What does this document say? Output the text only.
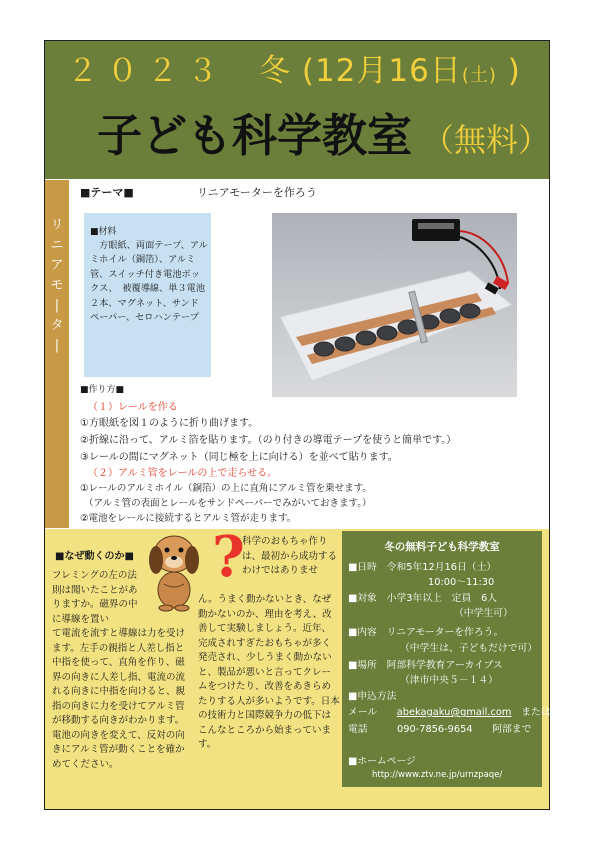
２０２３　 冬 (12月16日(土) )
子ども科学教室 （無料）
リ
ニ
ア
モ
|
タ
|
■テーマ■	リニアモーターを作ろう
■材料
　方眼紙、両面テープ、アルミホイル（銅箔）、アルミ管、スイッチ付き電池ボックス、　被覆導線、単３電池２本、マグネット、サンドペーパー、セロハンテープ
■作り方■
（１）レールを作る
①方眼紙を図１のように折り曲げます。
②折線に沿って、アルミ箔を貼ります。（のり付きの導電テープを使うと簡単です。）
③レールの間にマグネット（同じ極を上に向ける）を並べて貼ります。
（２）アルミ管をレールの上で走らせる。
①レールのアルミホイル（銅箔）の上に直角にアルミ管を乗せます。
（アルミ管の表面とレールをサンドペーパーでみがいておきます。）
②電池をレールに接続するとアルミ管が走ります。
■なぜ動くのか■
フレミングの左の法則は聞いたことがありますか。磁界の中に導線を置い
て電流を流すと導線は力を受けます。左手の親指と人差し指と中指を使って、直角を作り、磁界の向きに人差し指、電流の流れる向きに中指を向けると、親指の向きに力を受けてアルミ管が移動する向きがわかります。電池の向きを変えて、反対の向きにアルミ管が動くことを確かめてください。
?
科学のおもちゃ作りは、最初から成功するわけではありませ
ん。うまく動かないとき、なぜ動かないのか、理由を考え、改善して実験しましょう。近年、完成されすぎたおもちゃが多く発売され、少しうまく動かないと、製品が悪いと言ってクレームをつけたり、改善をあきらめたりする人が多いようです。日本の技術力と国際競争力の低下はこんなところから始まっています。
冬の無料子ども科学教室
■日時　 令和5年12月16日（土）
10:00～11:30
■対象　 小学3年以上　定員　6人
（中学生可）
■内容　 リニアモーターを作ろう。
（中学生は、子どもだけで可）
■場所　 阿部科学教育アーカイブス
（津市中央５－１４）
■申込方法
メール　　 abekagaku@gmail.com　 または
電話　　　	090-7856-9654　　 阿部まで
■ホームページ
http://www.ztv.ne.jp/urnzpaqe/
